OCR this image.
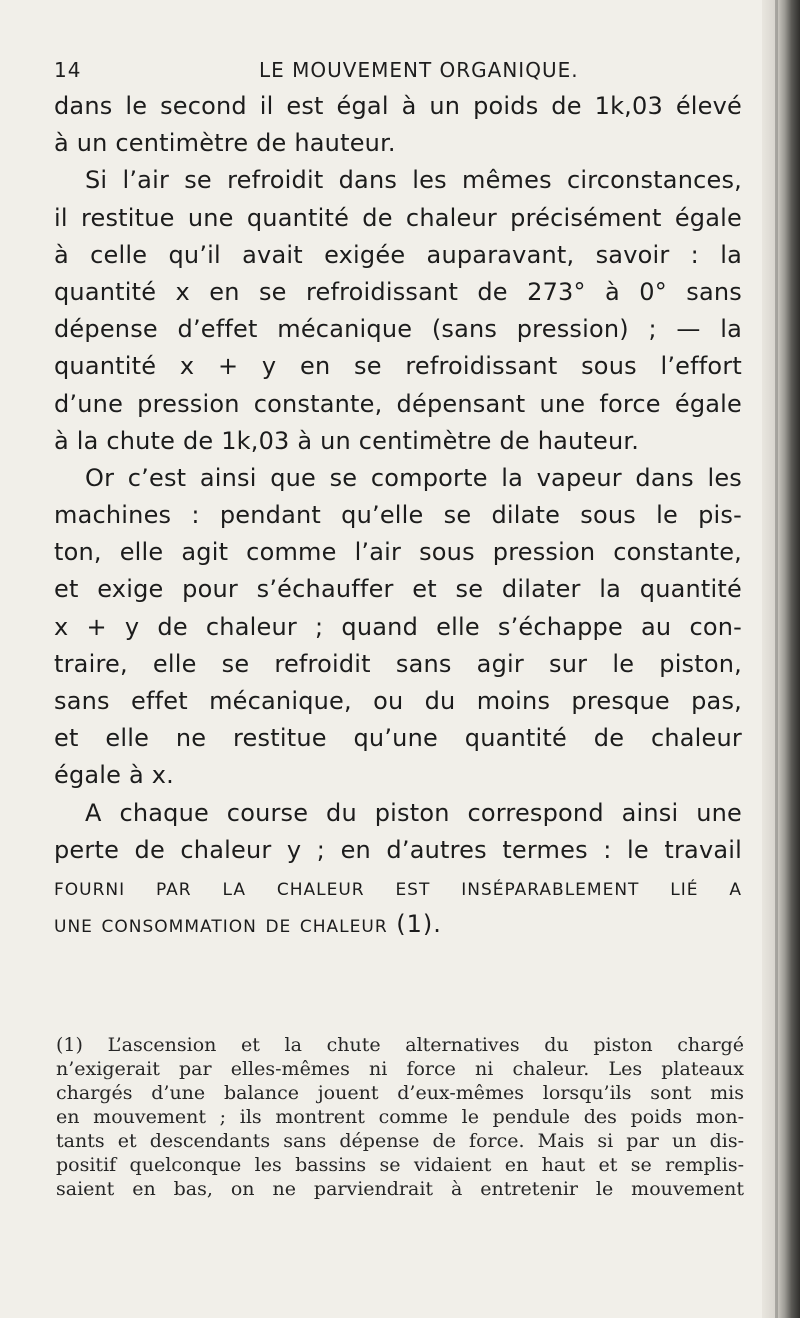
14	LE MOUVEMENT ORGANIQUE.
dans le second il est égal à un poids de 1k,03 élevé
à un centimètre de hauteur.
Si l’air se refroidit dans les mêmes circonstances,
il restitue une quantité de chaleur précisément égale
à celle qu’il avait exigée auparavant, savoir : la
quantité x en se refroidissant de 273° à 0° sans
dépense d’effet mécanique (sans pression) ; — la
quantité x + y en se refroidissant sous l’effort
d’une pression constante, dépensant une force égale
à la chute de 1k,03 à un centimètre de hauteur.
Or c’est ainsi que se comporte la vapeur dans les
machines : pendant qu’elle se dilate sous le pis-
ton, elle agit comme l’air sous pression constante,
et exige pour s’échauffer et se dilater la quantité
x + y de chaleur ; quand elle s’échappe au con-
traire, elle se refroidit sans agir sur le piston,
sans effet mécanique, ou du moins presque pas,
et elle ne restitue qu’une quantité de chaleur
égale à x.
A chaque course du piston correspond ainsi une
perte de chaleur y ; en d’autres termes : le travail
fourni par la chaleur est inséparablement lié a
une consommation de chaleur (1).
(1) L’ascension et la chute alternatives du piston chargé
n’exigerait par elles-mêmes ni force ni chaleur. Les plateaux
chargés d’une balance jouent d’eux-mêmes lorsqu’ils sont mis
en mouvement ; ils montrent comme le pendule des poids mon-
tants et descendants sans dépense de force. Mais si par un dis-
positif quelconque les bassins se vidaient en haut et se remplis-
saient en bas, on ne parviendrait à entretenir le mouvement
